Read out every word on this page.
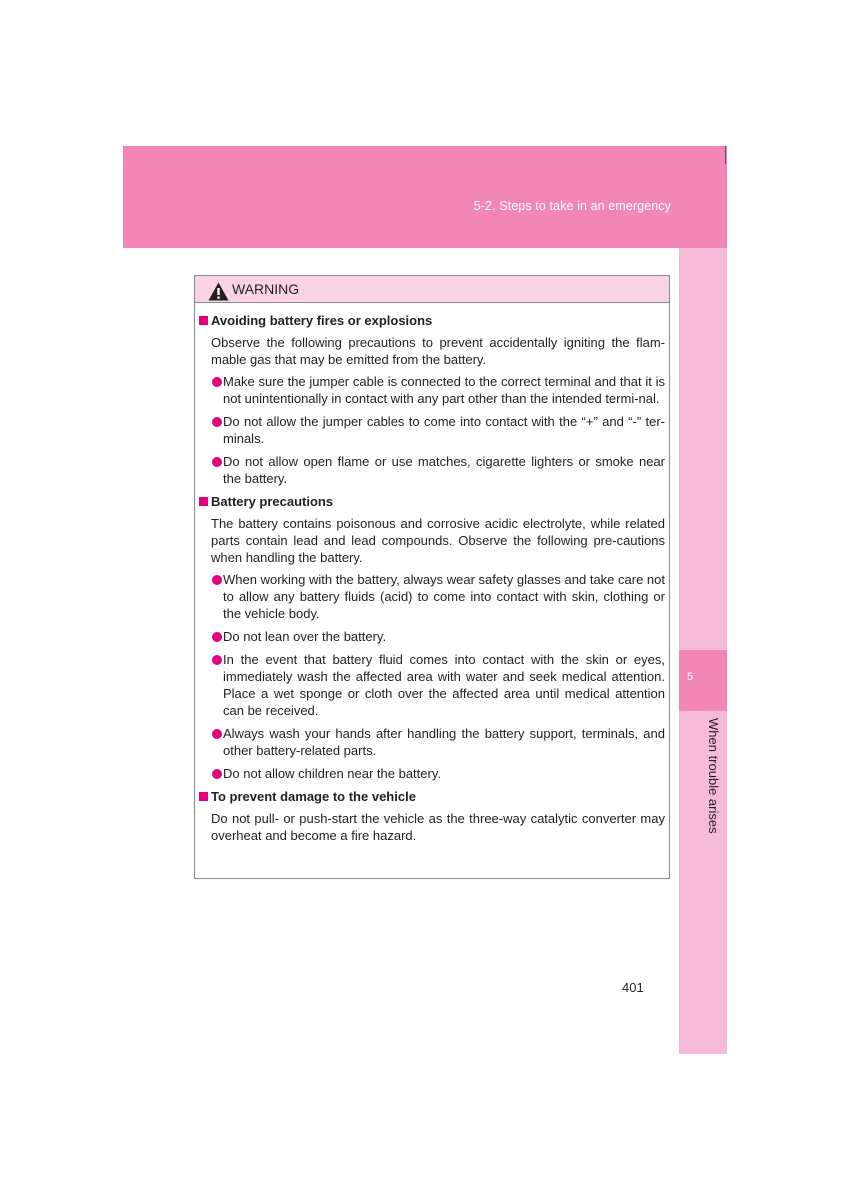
5-2. Steps to take in an emergency
5
When trouble arises
WARNING
Avoiding battery fires or explosions

Observe the following precautions to prevent accidentally igniting the flam-mable gas that may be emitted from the battery.

Make sure the jumper cable is connected to the correct terminal and that it is not unintentionally in contact with any part other than the intended termi-nal.
Do not allow the jumper cables to come into contact with the “+” and “-” ter-minals.
Do not allow open flame or use matches, cigarette lighters or smoke near the battery.
Battery precautions

The battery contains poisonous and corrosive acidic electrolyte, while related parts contain lead and lead compounds. Observe the following pre-cautions when handling the battery.

When working with the battery, always wear safety glasses and take care not to allow any battery fluids (acid) to come into contact with skin, clothing or the vehicle body.
Do not lean over the battery.
In the event that battery fluid comes into contact with the skin or eyes, immediately wash the affected area with water and seek medical attention. Place a wet sponge or cloth over the affected area until medical attention can be received.
Always wash your hands after handling the battery support, terminals, and other battery-related parts.
Do not allow children near the battery.
To prevent damage to the vehicle

Do not pull- or push-start the vehicle as the three-way catalytic converter may overheat and become a fire hazard.

401
